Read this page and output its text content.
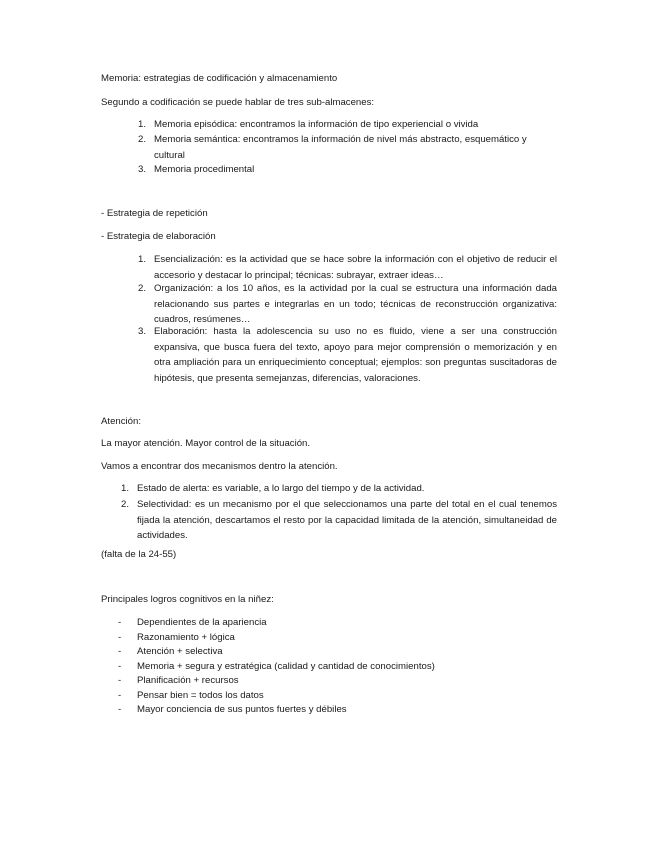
Memoria: estrategias de codificación y almacenamiento
Segundo a codificación se puede hablar de tres sub-almacenes:
1. Memoria episódica: encontramos la información de tipo experiencial o vivida
2. Memoria semántica: encontramos la información de nivel más abstracto, esquemático y cultural
3. Memoria procedimental
- Estrategia de repetición
- Estrategia de elaboración
1. Esencialización: es la actividad que se hace sobre la información con el objetivo de reducir el accesorio y destacar lo principal; técnicas: subrayar, extraer ideas…
2. Organización: a los 10 años, es la actividad por la cual se estructura una información dada relacionando sus partes e integrarlas en un todo; técnicas de reconstrucción organizativa: cuadros, resúmenes…
3. Elaboración: hasta la adolescencia su uso no es fluido, viene a ser una construcción expansiva, que busca fuera del texto, apoyo para mejor comprensión o memorización y en otra ampliación para un enriquecimiento conceptual; ejemplos: son preguntas suscitadoras de hipótesis, que presenta semejanzas, diferencias, valoraciones.
Atención:
La mayor atención. Mayor control de la situación.
Vamos a encontrar dos mecanismos dentro la atención.
1. Estado de alerta: es variable, a lo largo del tiempo y de la actividad.
2. Selectividad: es un mecanismo por el que seleccionamos una parte del total en el cual tenemos fijada la atención, descartamos el resto por la capacidad limitada de la atención, simultaneidad de actividades.
(falta de la 24-55)
Principales logros cognitivos en la niñez:
- Dependientes de la apariencia
- Razonamiento + lógica
- Atención + selectiva
- Memoria + segura y estratégica (calidad y cantidad de conocimientos)
- Planificación + recursos
- Pensar bien = todos los datos
- Mayor conciencia de sus puntos fuertes y débiles
